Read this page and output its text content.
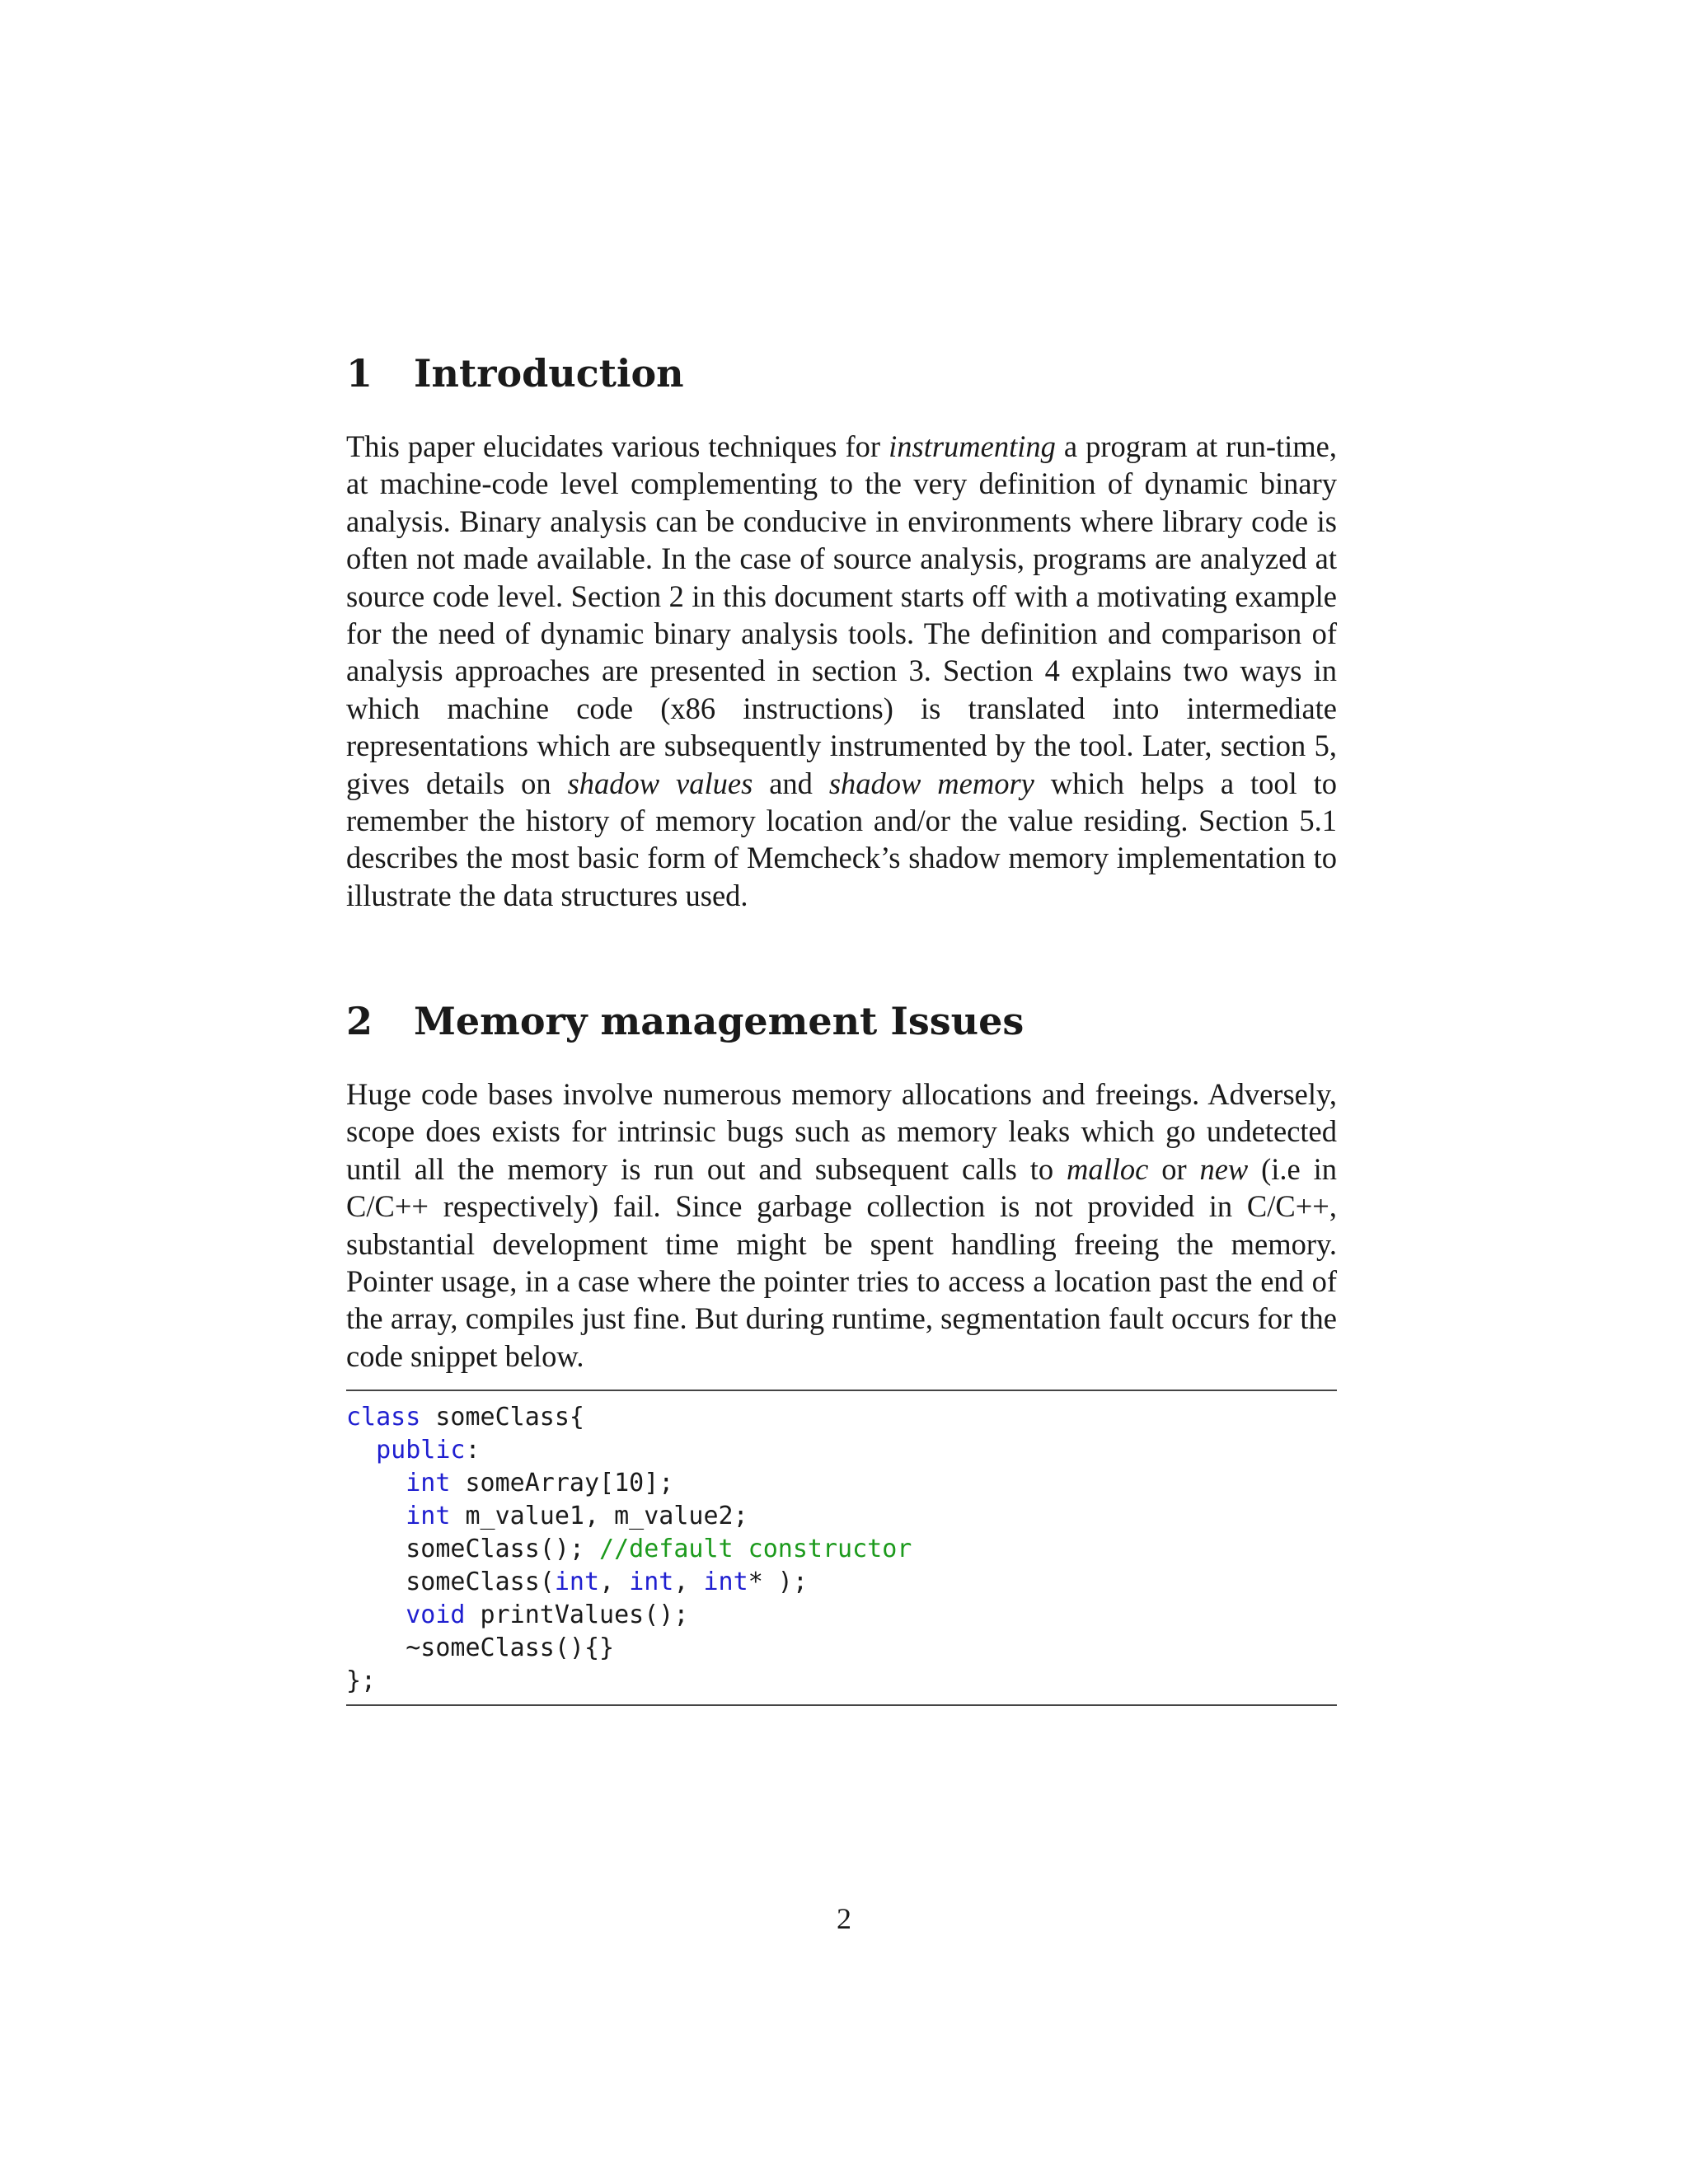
1 Introduction

This paper elucidates various techniques for instrumenting a program at run-time, at machine-code level complementing to the very definition of dynamic binary analysis. Binary analysis can be conducive in environments where library code is often not made available. In the case of source analysis, programs are analyzed at source code level. Section 2 in this document starts off with a motivating example for the need of dynamic binary analysis tools. The definition and comparison of analysis approaches are presented in section 3. Section 4 explains two ways in which machine code (x86 instructions) is translated into intermediate representations which are subsequently instrumented by the tool. Later, section 5, gives details on shadow values and shadow memory which helps a tool to remember the history of memory location and/or the value residing. Section 5.1 describes the most basic form of Memcheck’s shadow memory implementation to illustrate the data structures used.

2 Memory management Issues

Huge code bases involve numerous memory allocations and freeings. Adversely, scope does exists for intrinsic bugs such as memory leaks which go undetected until all the memory is run out and subsequent calls to malloc or new (i.e in C/C++ respectively) fail. Since garbage collection is not provided in C/C++, substantial development time might be spent handling freeing the memory. Pointer usage, in a case where the pointer tries to access a location past the end of the array, compiles just fine. But during runtime, segmentation fault occurs for the code snippet below.

class someClass{
public:
int someArray[10];
int m_value1, m_value2;
someClass(); //default constructor
someClass(int, int, int* );
void printValues();
~someClass(){}
};
2
